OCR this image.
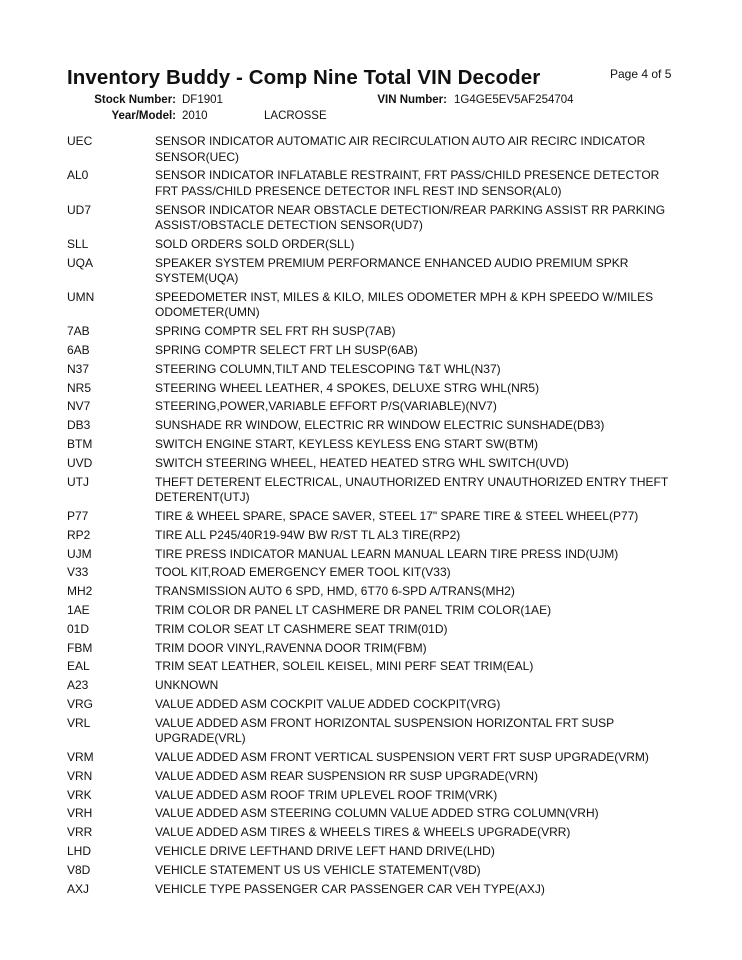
Inventory Buddy - Comp Nine Total VIN Decoder	Page 4 of 5
Stock Number: DF1901	VIN Number: 1G4GE5EV5AF254704
Year/Model: 2010	LACROSSE
UEC	SENSOR INDICATOR AUTOMATIC AIR RECIRCULATION AUTO AIR RECIRC INDICATOR SENSOR(UEC)
AL0	SENSOR INDICATOR INFLATABLE RESTRAINT, FRT PASS/CHILD PRESENCE DETECTOR FRT PASS/CHILD PRESENCE DETECTOR INFL REST IND SENSOR(AL0)
UD7	SENSOR INDICATOR NEAR OBSTACLE DETECTION/REAR PARKING ASSIST RR PARKING ASSIST/OBSTACLE DETECTION SENSOR(UD7)
SLL	SOLD ORDERS SOLD ORDER(SLL)
UQA	SPEAKER SYSTEM PREMIUM PERFORMANCE ENHANCED AUDIO PREMIUM SPKR SYSTEM(UQA)
UMN	SPEEDOMETER INST, MILES & KILO, MILES ODOMETER MPH & KPH SPEEDO W/MILES ODOMETER(UMN)
7AB	SPRING COMPTR SEL FRT RH SUSP(7AB)
6AB	SPRING COMPTR SELECT FRT LH SUSP(6AB)
N37	STEERING COLUMN,TILT AND TELESCOPING T&T WHL(N37)
NR5	STEERING WHEEL LEATHER, 4 SPOKES, DELUXE STRG WHL(NR5)
NV7	STEERING,POWER,VARIABLE EFFORT P/S(VARIABLE)(NV7)
DB3	SUNSHADE RR WINDOW, ELECTRIC RR WINDOW ELECTRIC SUNSHADE(DB3)
BTM	SWITCH ENGINE START, KEYLESS KEYLESS ENG START SW(BTM)
UVD	SWITCH STEERING WHEEL, HEATED HEATED STRG WHL SWITCH(UVD)
UTJ	THEFT DETERENT ELECTRICAL, UNAUTHORIZED ENTRY UNAUTHORIZED ENTRY THEFT DETERENT(UTJ)
P77	TIRE & WHEEL SPARE, SPACE SAVER, STEEL 17" SPARE TIRE & STEEL WHEEL(P77)
RP2	TIRE ALL P245/40R19-94W BW R/ST TL AL3 TIRE(RP2)
UJM	TIRE PRESS INDICATOR MANUAL LEARN MANUAL LEARN TIRE PRESS IND(UJM)
V33	TOOL KIT,ROAD EMERGENCY EMER TOOL KIT(V33)
MH2	TRANSMISSION AUTO 6 SPD, HMD, 6T70 6-SPD A/TRANS(MH2)
1AE	TRIM COLOR DR PANEL LT CASHMERE DR PANEL TRIM COLOR(1AE)
01D	TRIM COLOR SEAT LT CASHMERE SEAT TRIM(01D)
FBM	TRIM DOOR VINYL,RAVENNA DOOR TRIM(FBM)
EAL	TRIM SEAT LEATHER, SOLEIL KEISEL, MINI PERF SEAT TRIM(EAL)
A23	UNKNOWN
VRG	VALUE ADDED ASM COCKPIT VALUE ADDED COCKPIT(VRG)
VRL	VALUE ADDED ASM FRONT HORIZONTAL SUSPENSION HORIZONTAL FRT SUSP UPGRADE(VRL)
VRM	VALUE ADDED ASM FRONT VERTICAL SUSPENSION VERT FRT SUSP UPGRADE(VRM)
VRN	VALUE ADDED ASM REAR SUSPENSION RR SUSP UPGRADE(VRN)
VRK	VALUE ADDED ASM ROOF TRIM UPLEVEL ROOF TRIM(VRK)
VRH	VALUE ADDED ASM STEERING COLUMN VALUE ADDED STRG COLUMN(VRH)
VRR	VALUE ADDED ASM TIRES & WHEELS TIRES & WHEELS UPGRADE(VRR)
LHD	VEHICLE DRIVE LEFTHAND DRIVE LEFT HAND DRIVE(LHD)
V8D	VEHICLE STATEMENT US US VEHICLE STATEMENT(V8D)
AXJ	VEHICLE TYPE PASSENGER CAR PASSENGER CAR VEH TYPE(AXJ)
